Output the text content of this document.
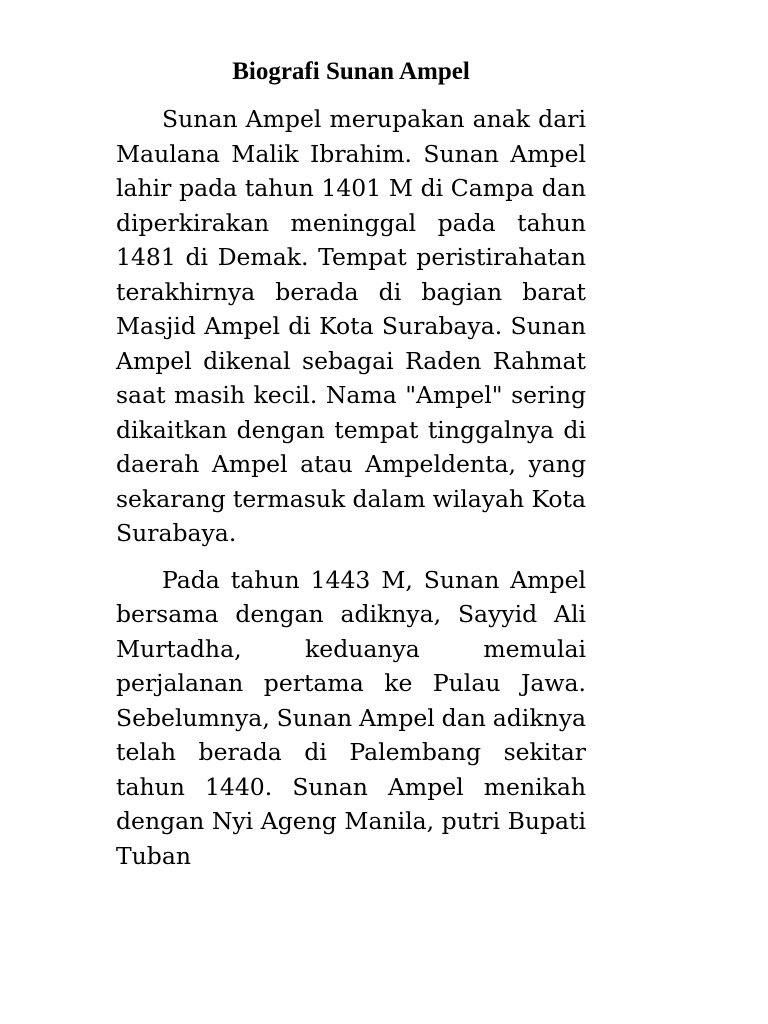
Biografi Sunan Ampel

Sunan Ampel merupakan anak dari Maulana Malik Ibrahim. Sunan Ampel lahir pada tahun 1401 M di Campa dan diperkirakan meninggal pada tahun 1481 di Demak. Tempat peristirahatan terakhirnya berada di bagian barat Masjid Ampel di Kota Surabaya. Sunan Ampel dikenal sebagai Raden Rahmat saat masih kecil. Nama "Ampel" sering dikaitkan dengan tempat tinggalnya di daerah Ampel atau Ampeldenta, yang sekarang termasuk dalam wilayah Kota Surabaya.

Pada tahun 1443 M, Sunan Ampel bersama dengan adiknya, Sayyid Ali Murtadha, keduanya memulai perjalanan pertama ke Pulau Jawa. Sebelumnya, Sunan Ampel dan adiknya telah berada di Palembang sekitar tahun 1440. Sunan Ampel menikah dengan Nyi Ageng Manila, putri Bupati Tuban
